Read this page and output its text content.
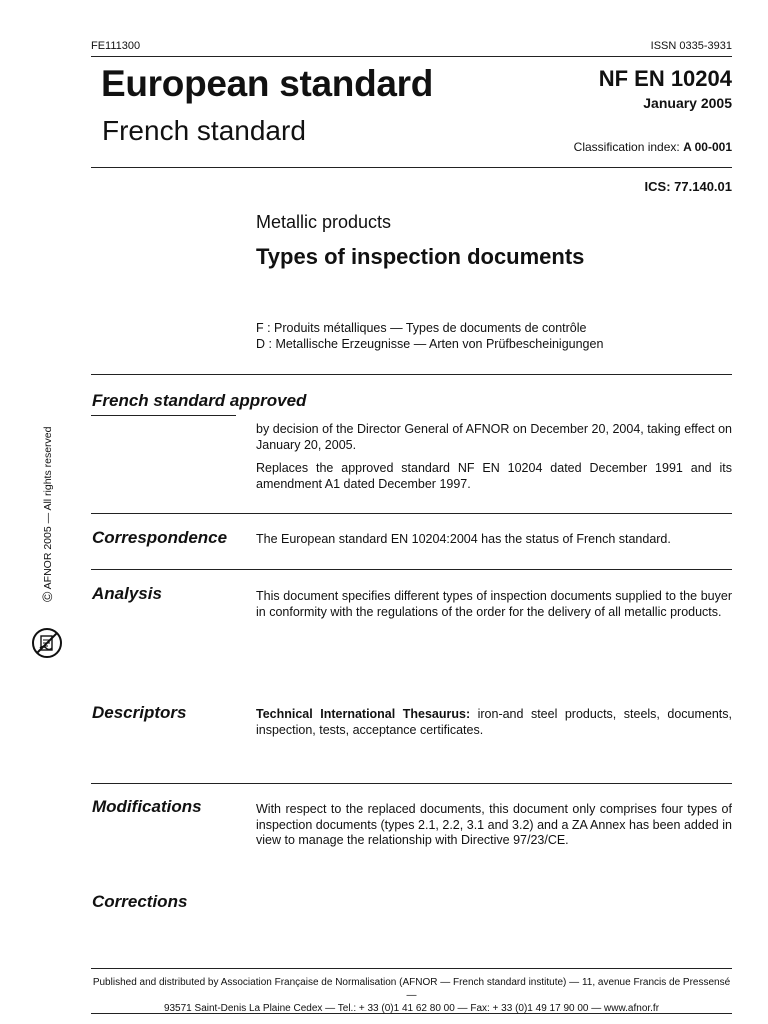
FE111300	ISSN 0335-3931
European standard
French standard
NF EN 10204
January 2005
Classification index: A 00-001
ICS: 77.140.01
Metallic products
Types of inspection documents
F : Produits métalliques — Types de documents de contrôle
D : Metallische Erzeugnisse — Arten von Prüfbescheinigungen
French standard approved
by decision of the Director General of AFNOR on December 20, 2004, taking effect on January 20, 2005.
Replaces the approved standard NF EN 10204 dated December 1991 and its amendment A1 dated December 1997.
Correspondence The European standard EN 10204:2004 has the status of French standard.
Analysis	This document specifies different types of inspection documents supplied to the buyer in conformity with the regulations of the order for the delivery of all metallic products.
Descriptors	Technical International Thesaurus: iron-and steel products, steels, documents, inspection, tests, acceptance certificates.
Modifications	With respect to the replaced documents, this document only comprises four types of inspection documents (types 2.1, 2.2, 3.1 and 3.2) and a ZA Annex has been added in view to manage the relationship with Directive 97/23/CE.
Corrections
© AFNOR 2005 — All rights reserved
Published and distributed by Association Française de Normalisation (AFNOR — French standard institute) — 11, avenue Francis de Pressensé —
93571 Saint-Denis La Plaine Cedex — Tel.: + 33 (0)1 41 62 80 00 — Fax: + 33 (0)1 49 17 90 00 — www.afnor.fr
